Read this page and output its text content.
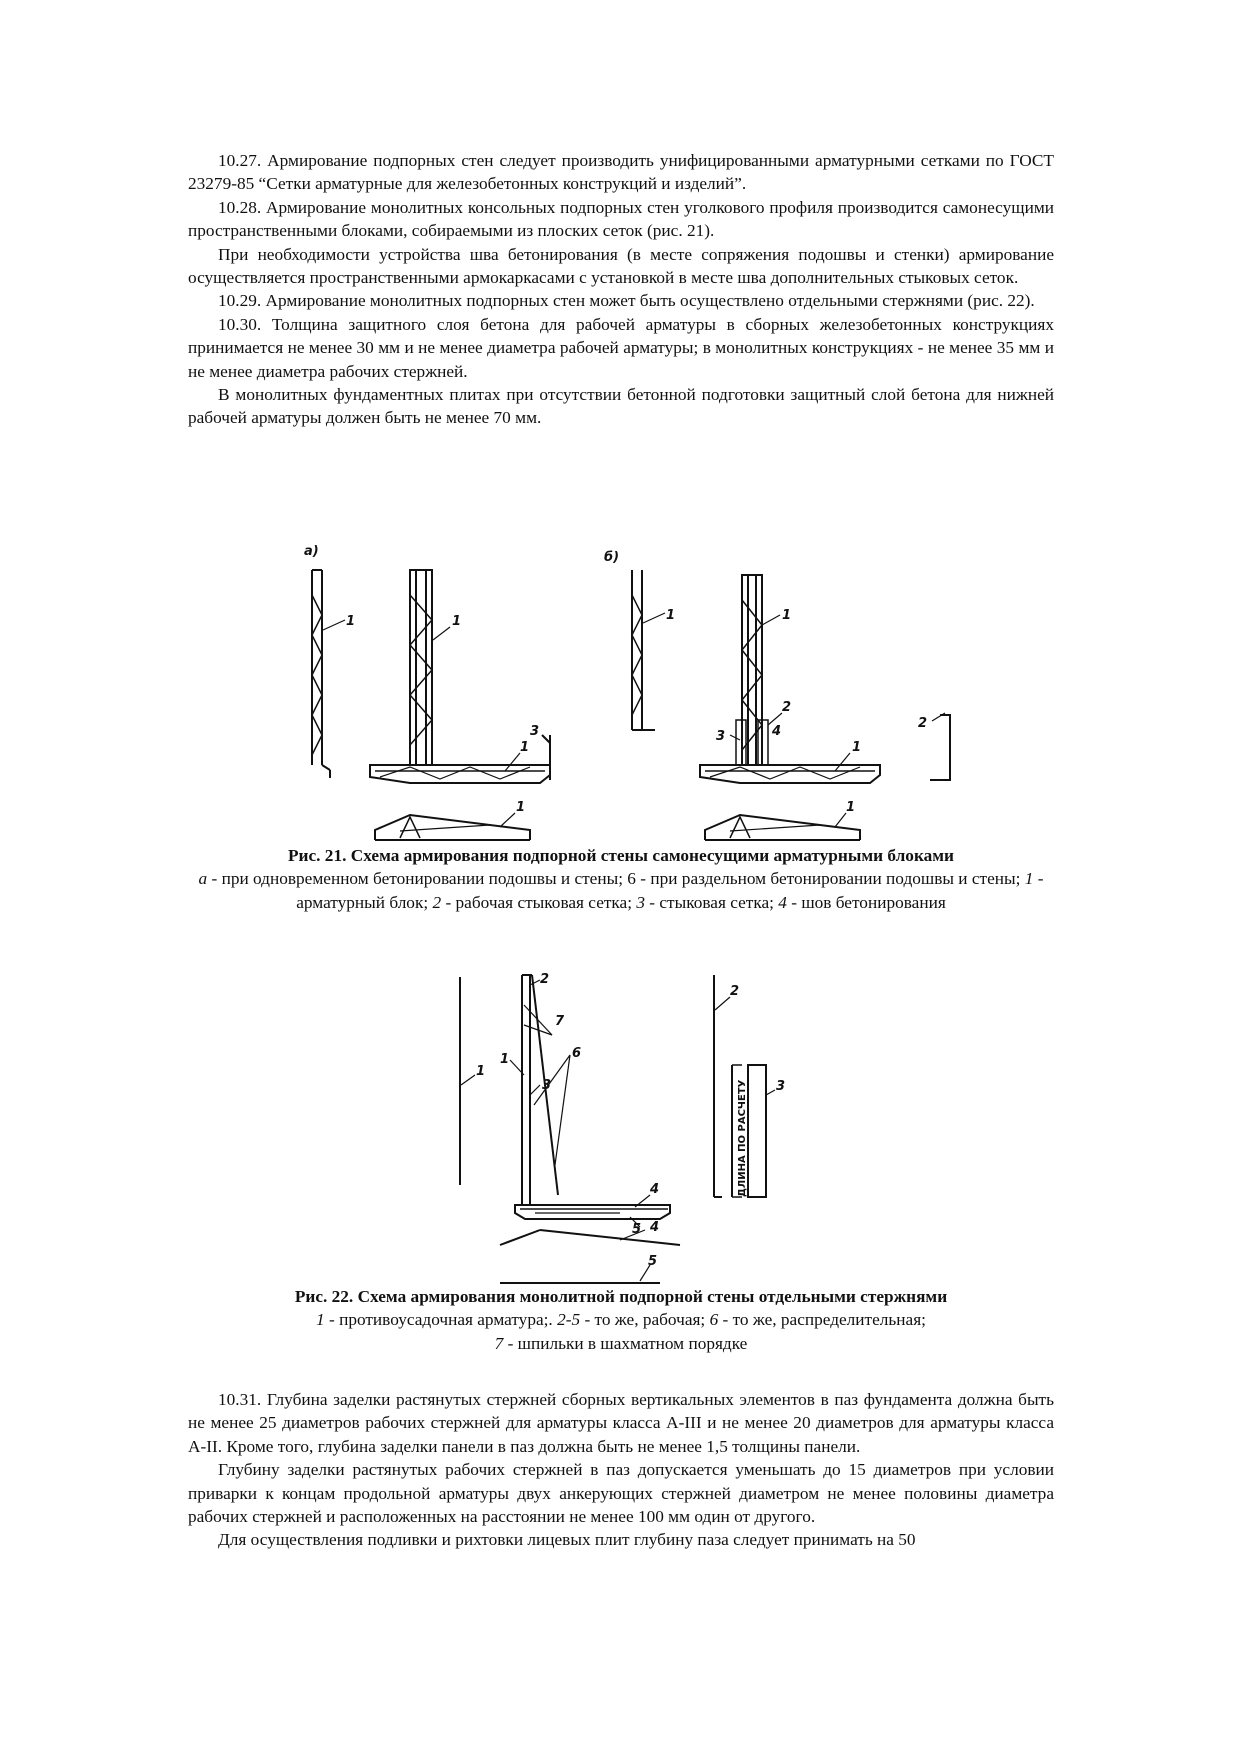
10.27. Армирование подпорных стен следует производить унифицированными арматурными сетками по ГОСТ 23279-85 “Сетки арматурные для железобетонных конструкций и изделий”.

10.28. Армирование монолитных консольных подпорных стен уголкового профиля производится самонесущими пространственными блоками, собираемыми из плоских сеток (рис. 21).

При необходимости устройства шва бетонирования (в месте сопряжения подошвы и стенки) армирование осуществляется пространственными армокаркасами с установкой в месте шва дополнительных стыковых сеток.

10.29. Армирование монолитных подпорных стен может быть осуществлено отдельными стержнями (рис. 22).

10.30. Толщина защитного слоя бетона для рабочей арматуры в сборных железобетонных конструкциях принимается не менее 30 мм и не менее диаметра рабочей арматуры; в монолитных конструкциях - не менее 35 мм и не менее диаметра рабочих стержней.

В монолитных фундаментных плитах при отсутствии бетонной подготовки защитный слой бетона для нижней рабочей арматуры должен быть не менее 70 мм.

а)
1	1
1
1
3
б)
1	1
2
3	4
1
1
2
Рис. 21. Схема армирования подпорной стены самонесущими арматурными блоками
а - при одновременном бетонировании подошвы и стены; 6 - при раздельном бетонировании подошвы и стены; 1 - арматурный блок; 2 - рабочая стыковая сетка; 3 - стыковая сетка; 4 - шов бетонирования
1
2
7
1
3
6
4
5 4
5
2
3
ДЛИНА ПО РАСЧЕТУ
Рис. 22. Схема армирования монолитной подпорной стены отдельными стержнями
1 - противоусадочная арматура;. 2-5 - то же, рабочая; 6 - то же, распределительная;
7 - шпильки в шахматном порядке

10.31. Глубина заделки растянутых стержней сборных вертикальных элементов в паз фундамента должна быть не менее 25 диаметров рабочих стержней для арматуры класса А-III и не менее 20 диаметров для арматуры класса А-II. Кроме того, глубина заделки панели в паз должна быть не менее 1,5 толщины панели.

Глубину заделки растянутых рабочих стержней в паз допускается уменьшать до 15 диаметров при условии приварки к концам продольной арматуры двух анкерующих стержней диаметром не менее половины диаметра рабочих стержней и расположенных на расстоянии не менее 100 мм один от другого.

Для осуществления подливки и рихтовки лицевых плит глубину паза следует принимать на 50
